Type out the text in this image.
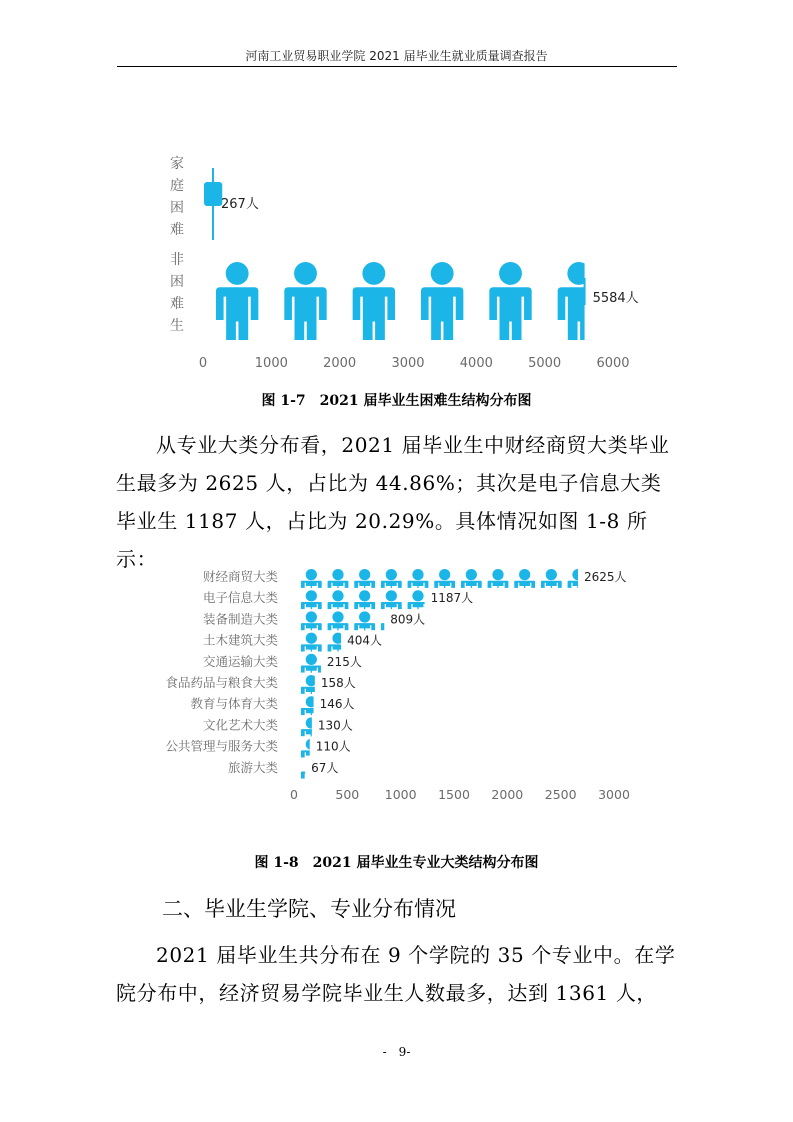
河南工业贸易职业学院 2021 届毕业生就业质量调查报告
家
庭
困
难
非
困
难
生
267人
5584人
0	1000	2000	3000	4000	5000	6000
图 1-7　2021 届毕业生困难生结构分布图

从专业大类分布看，2021 届毕业生中财经商贸大类毕业生最多为 2625 人，占比为 44.86%；其次是电子信息大类毕业生 1187 人，占比为 20.29%。具体情况如图 1-8 所示：

财经商贸大类	2625人
电子信息大类	1187人
装备制造大类	809人
土木建筑大类	404人
交通运输大类	215人
食品药品与粮食大类	158人
教育与体育大类	146人
文化艺术大类	130人
公共管理与服务大类	110人
旅游大类	67人
0	500 1000 1500 2000 2500 3000
图 1-8　2021 届毕业生专业大类结构分布图
二、毕业生学院、专业分布情况

2021 届毕业生共分布在 9 个学院的 35 个专业中。在学院分布中，经济贸易学院毕业生人数最多，达到 1361 人，

-　9-
